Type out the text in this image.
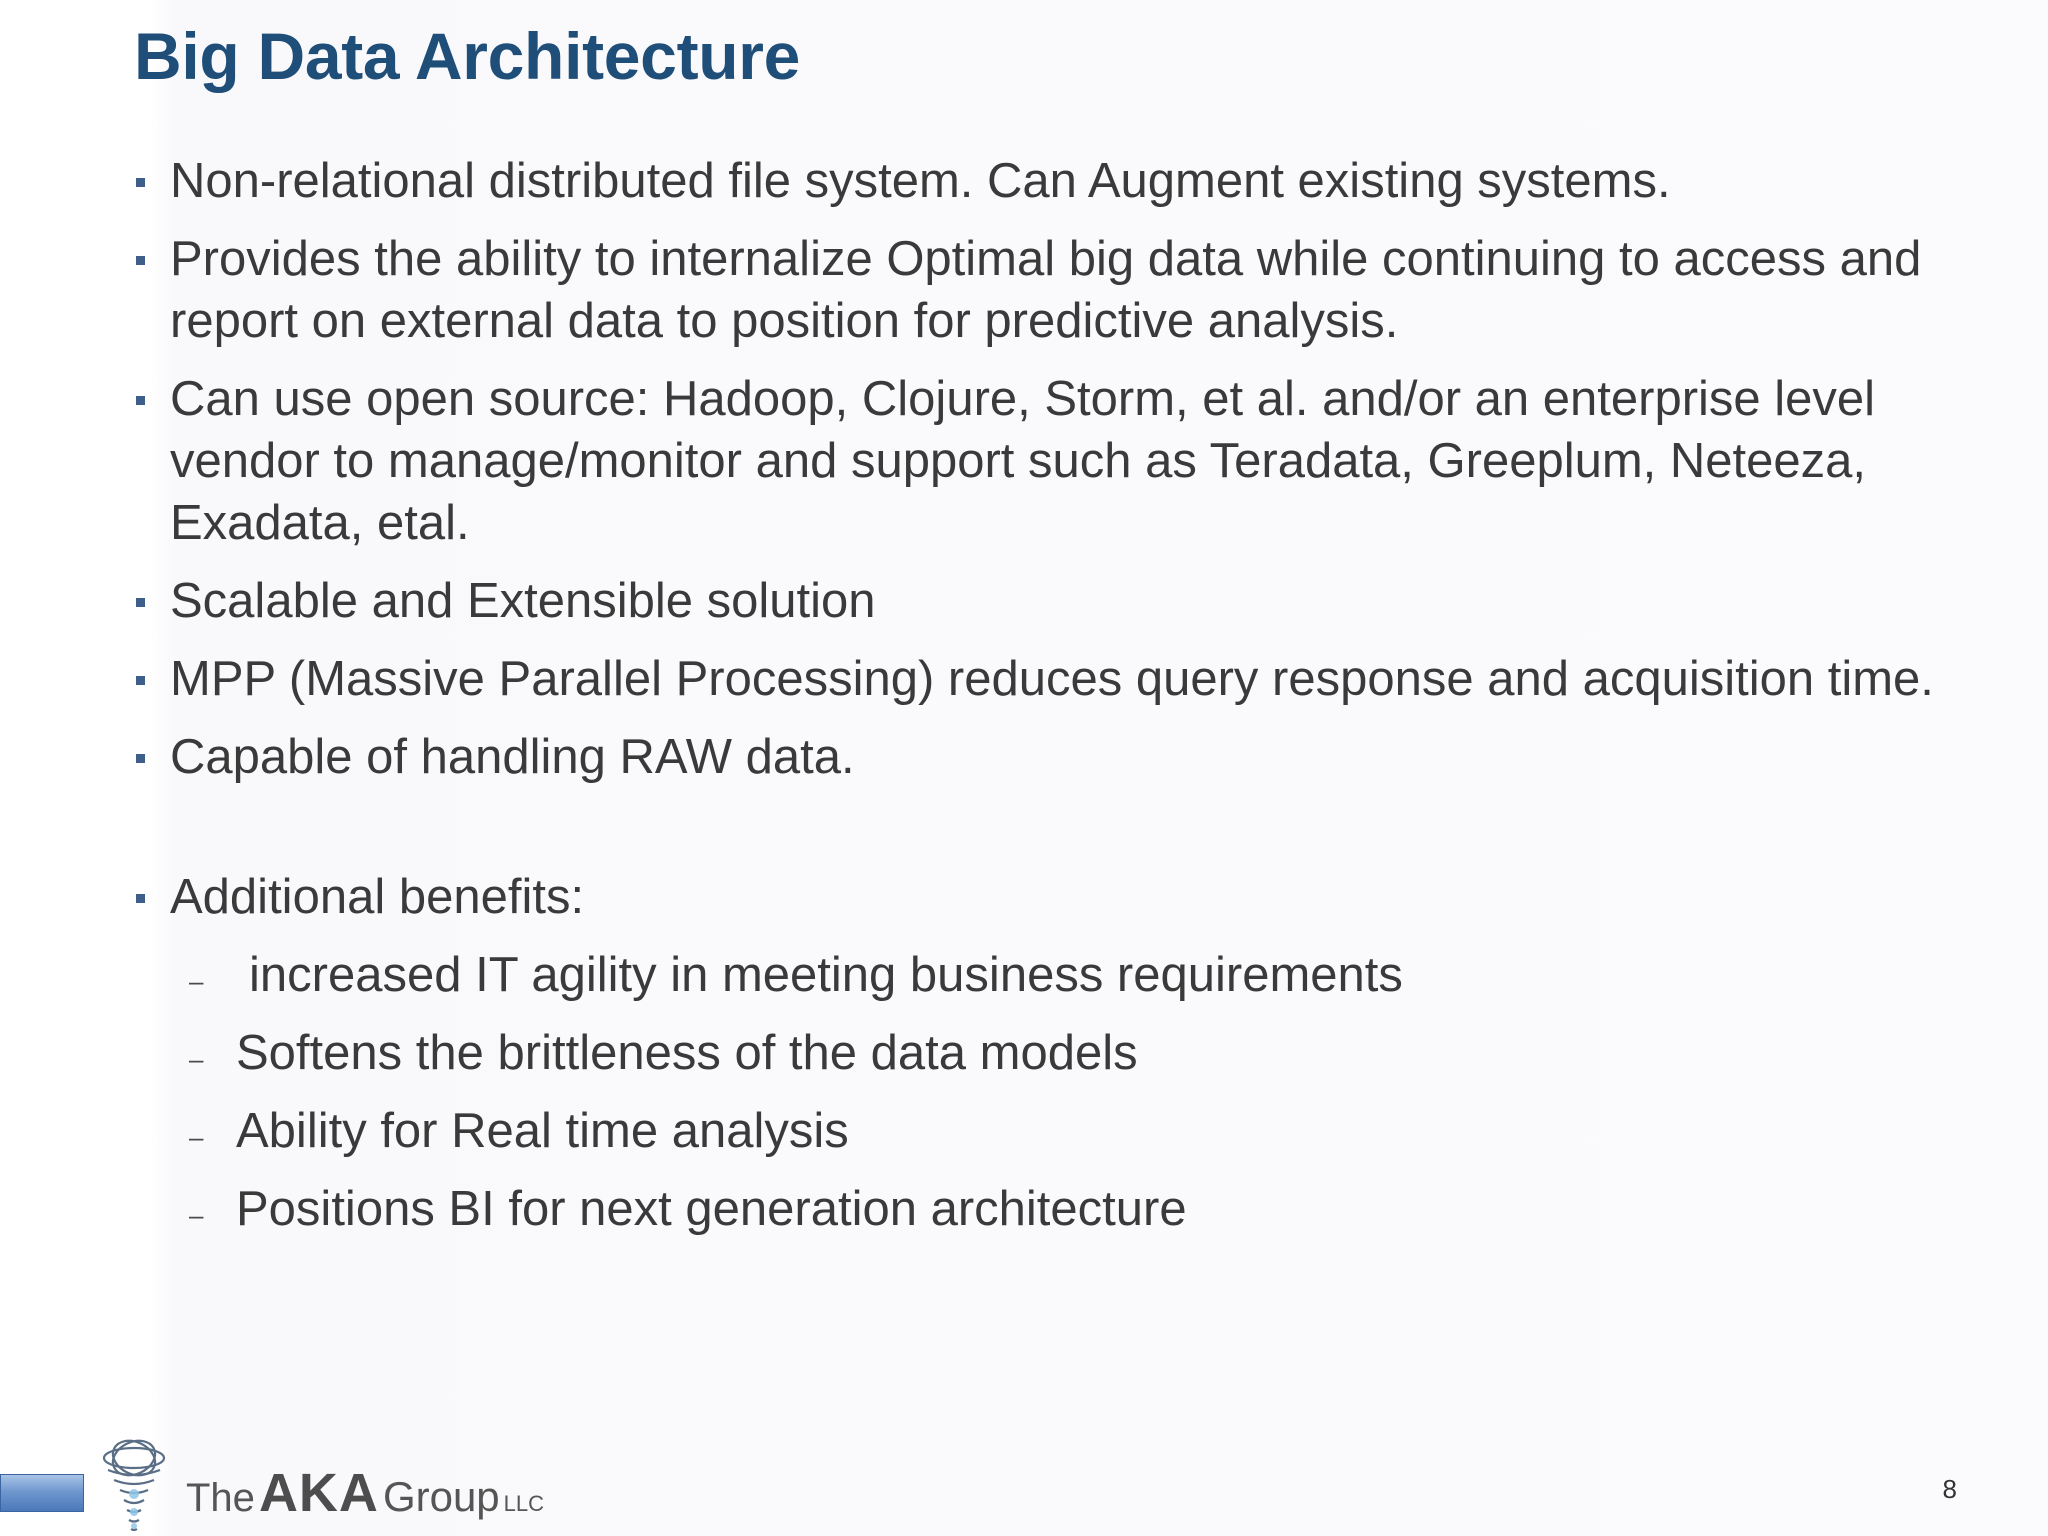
Big Data Architecture
Non-relational distributed file system. Can Augment existing systems.
Provides the ability to internalize Optimal big data while continuing to access and report on external data to position for predictive analysis.
Can use open source: Hadoop, Clojure, Storm, et al. and/or an enterprise level vendor to manage/monitor and support such as Teradata, Greeplum, Neteeza, Exadata, etal.
Scalable and Extensible solution
MPP (Massive Parallel Processing) reduces query response and acquisition time.
Capable of handling RAW data.
Additional benefits:
– increased IT agility in meeting business requirements
– Softens the brittleness of the data models
– Ability for Real time analysis
– Positions BI for next generation architecture
TheAKAGroup LLC	8
